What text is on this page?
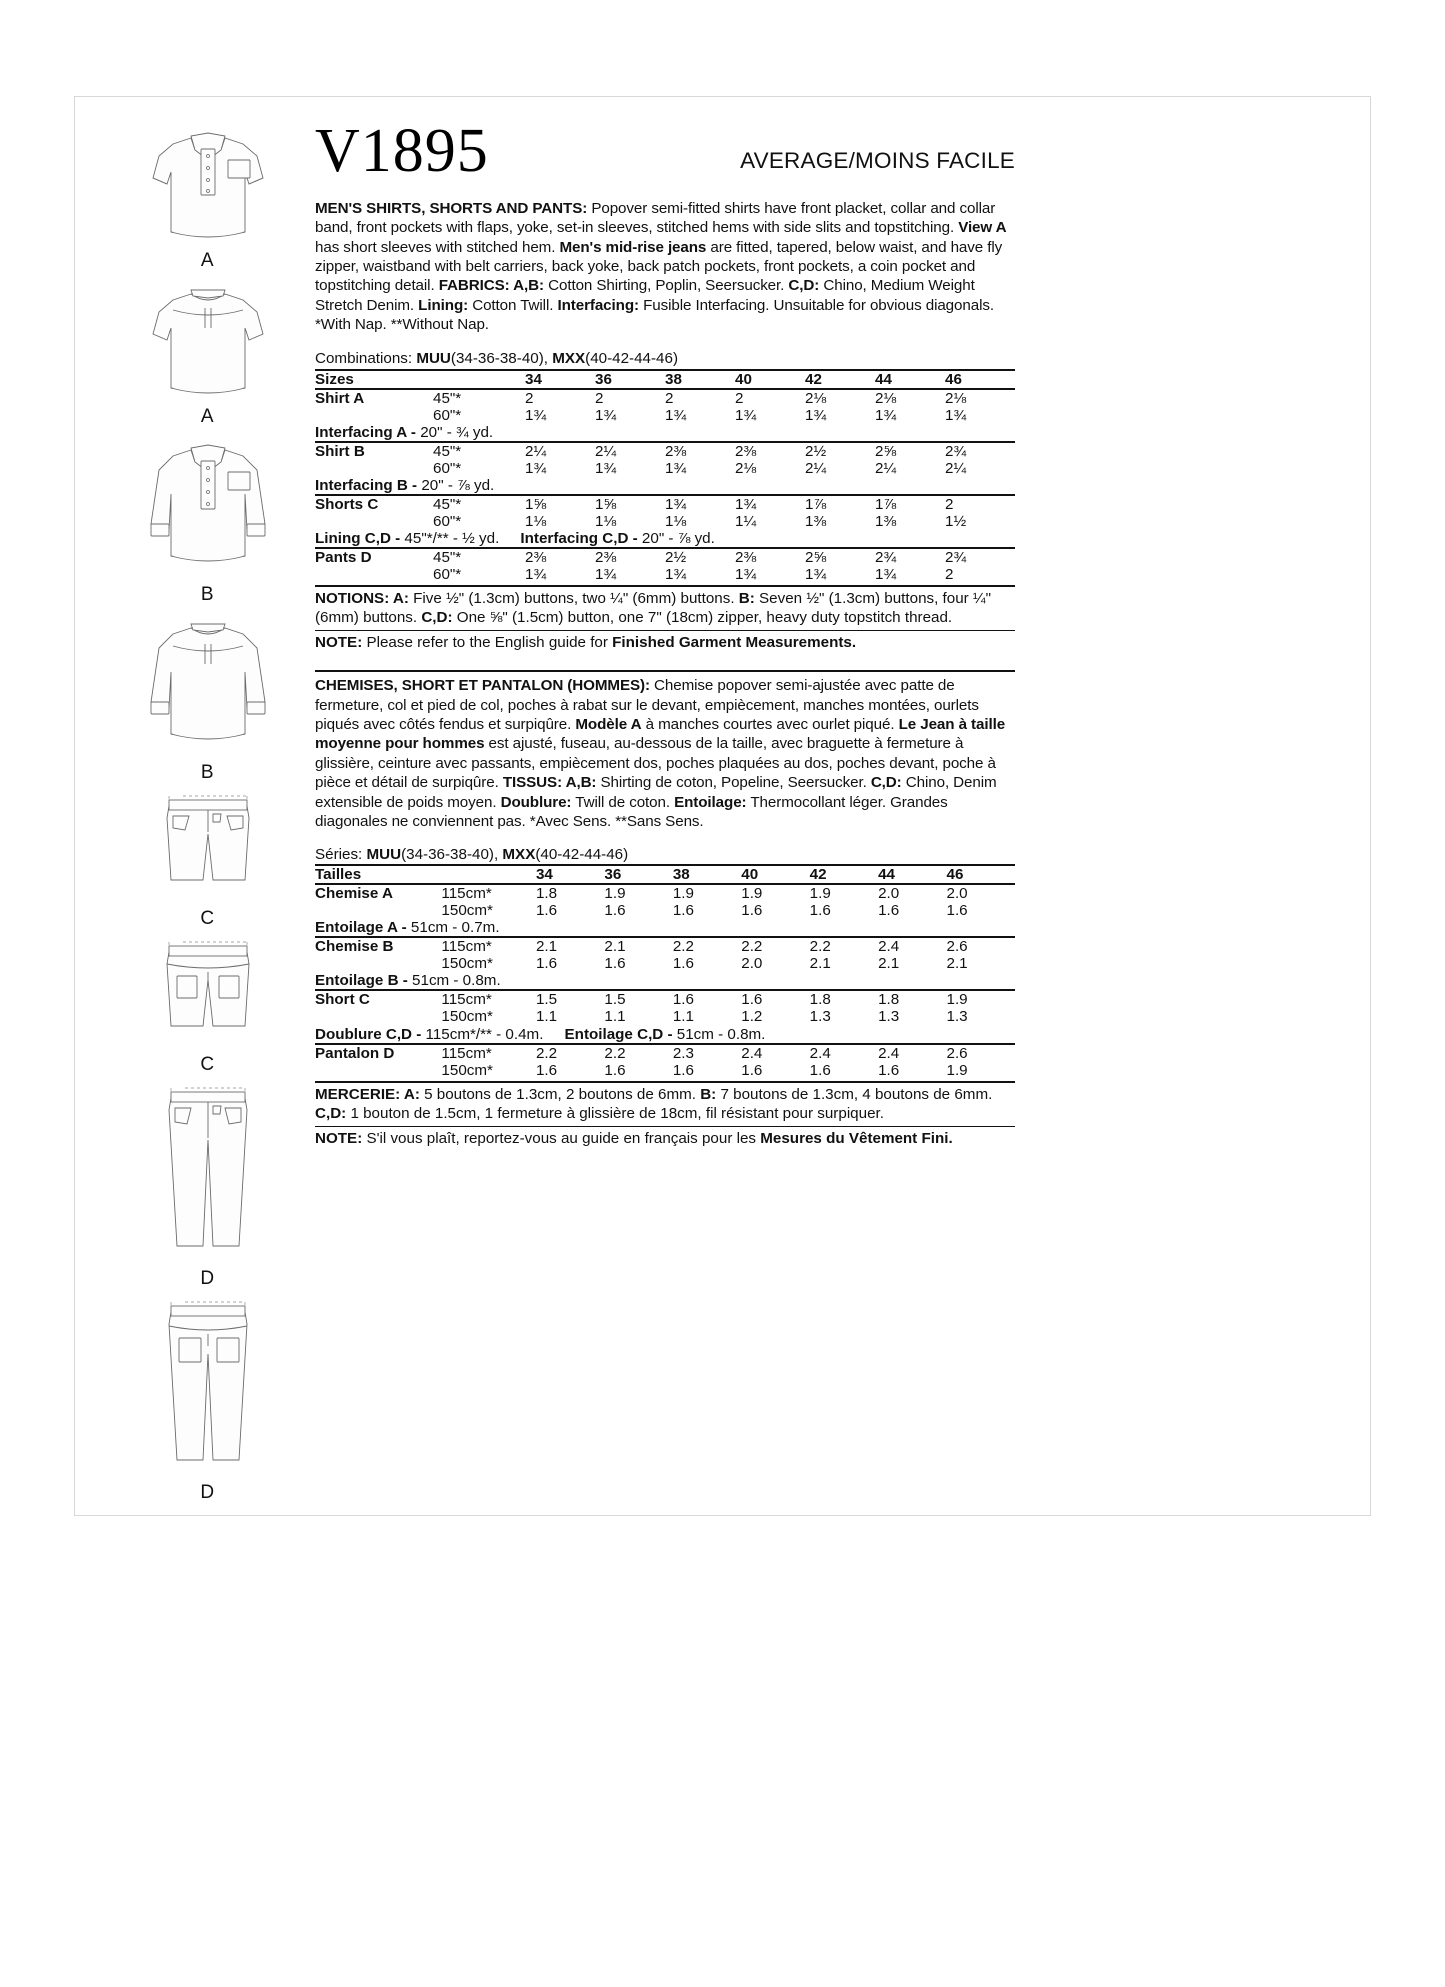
A
A
B
B
C
C
D
D
V1895	AVERAGE/MOINS FACILE
MEN'S SHIRTS, SHORTS AND PANTS: Popover semi-fitted shirts have front placket, collar and collar band, front pockets with flaps, yoke, set-in sleeves, stitched hems with side slits and topstitching. View A has short sleeves with stitched hem. Men's mid-rise jeans are fitted, tapered, below waist, and have fly zipper, waistband with belt carriers, back yoke, back patch pockets, front pockets, a coin pocket and topstitching detail. FABRICS: A,B: Cotton Shirting, Poplin, Seersucker. C,D: Chino, Medium Weight Stretch Denim. Lining: Cotton Twill. Interfacing: Fusible Interfacing. Unsuitable for obvious diagonals. *With Nap. **Without Nap.
Combinations: MUU(34-36-38-40), MXX(40-42-44-46)
Sizes		34	36	38	40	42	44	46
Shirt A	45"*	2	2	2	2	2⅛	2⅛	2⅛
	60"*	1¾	1¾	1¾	1¾	1¾	1¾	1¾
Interfacing A - 20" - ¾ yd.								
Shirt B	45"*	2¼	2¼	2⅜	2⅜	2½	2⅝	2¾
	60"*	1¾	1¾	1¾	2⅛	2¼	2¼	2¼
Interfacing B - 20" - ⅞ yd.								
Shorts C	45"*	1⅝	1⅝	1¾	1¾	1⅞	1⅞	2
	60"*	1⅛	1⅛	1⅛	1¼	1⅜	1⅜	1½
Lining C,D - 45"*/** - ½ yd.     Interfacing C,D - 20" - ⅞ yd.								
Pants D	45"*	2⅜	2⅜	2½	2⅜	2⅝	2¾	2¾
	60"*	1¾	1¾	1¾	1¾	1¾	1¾	2
NOTIONS: A: Five ½" (1.3cm) buttons, two ¼" (6mm) buttons. B: Seven ½" (1.3cm) buttons, four ¼" (6mm) buttons. C,D: One ⅝" (1.5cm) button, one 7" (18cm) zipper, heavy duty topstitch thread.
NOTE: Please refer to the English guide for Finished Garment Measurements.
CHEMISES, SHORT ET PANTALON (HOMMES): Chemise popover semi-ajustée avec patte de fermeture, col et pied de col, poches à rabat sur le devant, empiècement, manches montées, ourlets piqués avec côtés fendus et surpiqûre. Modèle A à manches courtes avec ourlet piqué. Le Jean à taille moyenne pour hommes est ajusté, fuseau, au-dessous de la taille, avec braguette à fermeture à glissière, ceinture avec passants, empiècement dos, poches plaquées au dos, poches devant, poche à pièce et détail de surpiqûre. TISSUS: A,B: Shirting de coton, Popeline, Seersucker. C,D: Chino, Denim extensible de poids moyen. Doublure: Twill de coton. Entoilage: Thermocollant léger. Grandes diagonales ne conviennent pas. *Avec Sens. **Sans Sens.
Séries: MUU(34-36-38-40), MXX(40-42-44-46)
Tailles		34	36	38	40	42	44	46
Chemise A	115cm*	1.8	1.9	1.9	1.9	1.9	2.0	2.0
	150cm*	1.6	1.6	1.6	1.6	1.6	1.6	1.6
Entoilage A - 51cm - 0.7m.								
Chemise B	115cm*	2.1	2.1	2.2	2.2	2.2	2.4	2.6
	150cm*	1.6	1.6	1.6	2.0	2.1	2.1	2.1
Entoilage B - 51cm - 0.8m.								
Short C	115cm*	1.5	1.5	1.6	1.6	1.8	1.8	1.9
	150cm*	1.1	1.1	1.1	1.2	1.3	1.3	1.3
Doublure C,D - 115cm*/** - 0.4m.     Entoilage C,D - 51cm - 0.8m.								
Pantalon D	115cm*	2.2	2.2	2.3	2.4	2.4	2.4	2.6
	150cm*	1.6	1.6	1.6	1.6	1.6	1.6	1.9
MERCERIE: A: 5 boutons de 1.3cm, 2 boutons de 6mm. B: 7 boutons de 1.3cm, 4 boutons de 6mm. C,D: 1 bouton de 1.5cm, 1 fermeture à glissière de 18cm, fil résistant pour surpiquer.
NOTE: S'il vous plaît, reportez-vous au guide en français pour les Mesures du Vêtement Fini.
